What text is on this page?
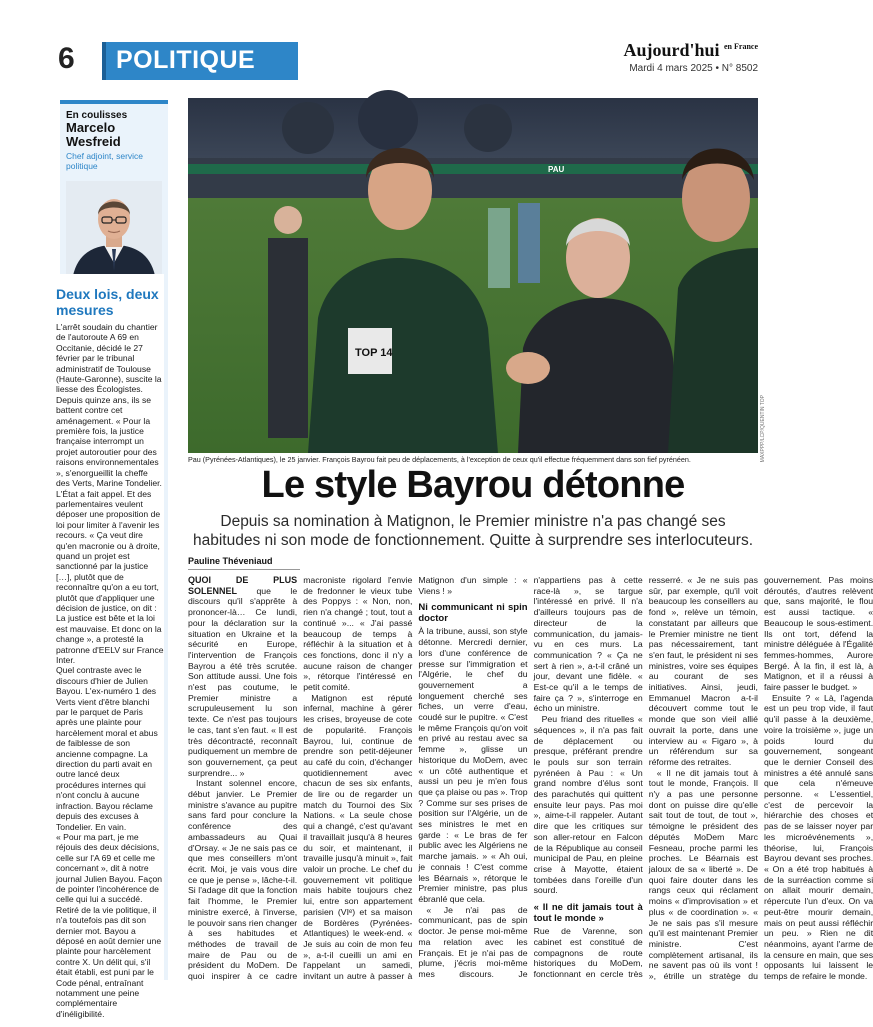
6	POLITIQUE	Aujourd'hui $^{en France}$
Mardi 4 mars 2025 • N° 8502
En coulisses
Marcelo Wesfreid
Chef adjoint, service politique
Deux lois, deux mesures

L'arrêt soudain du chantier de l'autoroute A 69 en Occitanie, décidé le 27 février par le tribunal administratif de Toulouse (Haute-Garonne), suscite la liesse des Écologistes. Depuis quinze ans, ils se battent contre cet aménagement. « Pour la première fois, la justice française interrompt un projet autoroutier pour des raisons environnementales », s'enorgueillit la cheffe des Verts, Marine Tondelier.

L'État a fait appel. Et des parlementaires veulent déposer une proposition de loi pour limiter à l'avenir les recours. « Ça veut dire qu'en macronie ou à droite, quand un projet est sanctionné par la justice […], plutôt que de reconnaître qu'on a eu tort, plutôt que d'appliquer une décision de justice, on dit : La justice est bête et la loi est mauvaise. Et donc on la change », a protesté la patronne d'EELV sur France Inter.

Quel contraste avec le discours d'hier de Julien Bayou. L'ex-numéro 1 des Verts vient d'être blanchi par le parquet de Paris après une plainte pour harcèlement moral et abus de faiblesse de son ancienne compagne. La direction du parti avait en outre lancé deux procédures internes qui n'ont conclu à aucune infraction. Bayou réclame depuis des excuses à Tondelier. En vain.

« Pour ma part, je me réjouis des deux décisions, celle sur l'A 69 et celle me concernant », dit à notre journal Julien Bayou. Façon de pointer l'incohérence de celle qui lui a succédé. Retiré de la vie politique, il n'a toutefois pas dit son dernier mot. Bayou a déposé en août dernier une plainte pour harcèlement contre X. Un délit qui, s'il était établi, est puni par le Code pénal, entraînant notamment une peine complémentaire d'inéligibilité.

PAU
TOP 14
MAXPPP/LCP/QUENTIN TOP
Pau (Pyrénées-Atlantiques), le 25 janvier. François Bayrou fait peu de déplacements, à l'exception de ceux qu'il effectue fréquemment dans son fief pyrénéen.
Le style Bayrou détonne
Depuis sa nomination à Matignon, le Premier ministre n'a pas changé ses habitudes ni son mode de fonctionnement. Quitte à surprendre ses interlocuteurs.
Pauline Théveniaud

QUOI DE PLUS SOLENNEL que le discours qu'il s'apprête à prononcer-là… Ce lundi, pour la déclaration sur la situation en Ukraine et la sécurité en Europe, l'intervention de François Bayrou a été très scrutée. Son attitude aussi. Une fois n'est pas coutume, le Premier ministre a scrupuleusement lu son texte. Ce n'est pas toujours le cas, tant s'en faut. « Il est très décontracté, reconnaît pudiquement un membre de son gouvernement, ça peut surprendre... »

Instant solennel encore, début janvier. Le Premier ministre s'avance au pupitre sans fard pour conclure la conférence des ambassadeurs au Quai d'Orsay. « Je ne sais pas ce que mes conseillers m'ont écrit. Moi, je vais vous dire ce que je pense », lâche-t-il. Si l'adage dit que la fonction fait l'homme, le Premier ministre exercé, à l'inverse, le pouvoir sans rien changer à ses habitudes et méthodes de travail de maire de Pau ou de président du MoDem. De quoi inspirer à ce cadre macroniste rigolard l'envie de fredonner le vieux tube des Poppys : « Non, non, rien n'a changé ; tout, tout a continué »... « J'ai passé beaucoup de temps à réfléchir à la situation et à ces fonctions, donc il n'y a aucune raison de changer », rétorque l'intéressé en petit comité.

Matignon est réputé infernal, machine à gérer les crises, broyeuse de cote de popularité. François Bayrou, lui, continue de prendre son petit-déjeuner au café du coin, d'échanger quotidiennement avec chacun de ses six enfants, de lire ou de regarder un match du Tournoi des Six Nations. « La seule chose qui a changé, c'est qu'avant il travaillait jusqu'à 8 heures du soir, et maintenant, il travaille jusqu'à minuit », fait valoir un proche. Le chef du gouvernement vit politique mais habite toujours chez lui, entre son appartement parisien (VIᵉ) et sa maison de Bordères (Pyrénées-Atlantiques) le week-end. « Je suis au coin de mon feu », a-t-il cueilli un ami en l'appelant un samedi, invitant un autre à passer à Matignon d'un simple : « Viens ! »

Ni communicant ni spin doctor

À la tribune, aussi, son style détonne. Mercredi dernier, lors d'une conférence de presse sur l'immigration et l'Algérie, le chef du gouvernement a longuement cherché ses fiches, un verre d'eau, coudé sur le pupitre. « C'est le même François qu'on voit en privé au restau avec sa femme », glisse un historique du MoDem, avec « un côté authentique et aussi un peu je m'en fous que ça plaise ou pas ». Trop ? Comme sur ses prises de position sur l'Algérie, un de ses ministres le met en garde : « Le bras de fer public avec les Algériens ne marche jamais. » « Ah oui, je connais ! C'est comme les Béarnais », rétorque le Premier ministre, pas plus ébranlé que cela.

« Je n'ai pas de communicant, pas de spin doctor. Je pense moi-même ma relation avec les Français. Et je n'ai pas de plume, j'écris moi-même mes discours. Je n'appartiens pas à cette race-là », se targue l'intéressé en privé. Il n'a d'ailleurs toujours pas de directeur de la communication, du jamais-vu en ces murs. La communication ? « Ça ne sert à rien », a-t-il crâné un jour, devant une fidèle. « Est-ce qu'il a le temps de faire ça ? », s'interroge en écho un ministre.

Peu friand des rituelles « séquences », il n'a pas fait de déplacement ou presque, préférant prendre le pouls sur son terrain pyrénéen à Pau : « Un grand nombre d'élus sont des parachutés qui quittent ensuite leur pays. Pas moi », aime-t-il rappeler. Autant dire que les critiques sur son aller-retour en Falcon de la République au conseil municipal de Pau, en pleine crise à Mayotte, étaient tombées dans l'oreille d'un sourd.

« Il ne dit jamais tout à tout le monde »

Rue de Varenne, son cabinet est constitué de compagnons de route historiques du MoDem, fonctionnant en cercle très resserré. « Je ne suis pas sûr, par exemple, qu'il voit beaucoup les conseillers au fond », relève un témoin, constatant par ailleurs que le Premier ministre ne tient pas nécessairement, tant s'en faut, le président ni ses ministres, voire ses équipes au courant de ses initiatives. Ainsi, jeudi, Emmanuel Macron a-t-il découvert comme tout le monde que son vieil allié ouvrait la porte, dans une interview au « Figaro », à un référendum sur sa réforme des retraites.

« Il ne dit jamais tout à tout le monde, François. Il n'y a pas une personne dont on puisse dire qu'elle sait tout de tout, de tout », témoigne le président des députés MoDem Marc Fesneau, proche parmi les proches. Le Béarnais est jaloux de sa « liberté ». De quoi faire douter dans les rangs ceux qui réclament moins « d'improvisation » et plus « de coordination ». « Je ne sais pas s'il mesure qu'il est maintenant Premier ministre. C'est complètement artisanal, ils ne savent pas où ils vont ! », étrille un stratège du gouvernement. Pas moins déroutés, d'autres relèvent que, sans majorité, le flou est aussi tactique. « Beaucoup le sous-estiment. Ils ont tort, défend la ministre déléguée à l'Égalité femmes-hommes, Aurore Bergé. À la fin, il est là, à Matignon, et il a réussi à faire passer le budget. »

Ensuite ? « Là, l'agenda est un peu trop vide, il faut qu'il passe à la deuxième, voire la troisième », juge un poids lourd du gouvernement, songeant que le dernier Conseil des ministres a été annulé sans que cela n'émeuve personne. « L'essentiel, c'est de percevoir la hiérarchie des choses et pas de se laisser noyer par les microévénements », théorise, lui, François Bayrou devant ses proches. « On a été trop habitués à de la surréaction comme si on allait mourir demain, répercute l'un d'eux. On va peut-être mourir demain, mais on peut aussi réfléchir un peu. » Rien ne dit néanmoins, ayant l'arme de la censure en main, que ses opposants lui laissent le temps de refaire le monde.
